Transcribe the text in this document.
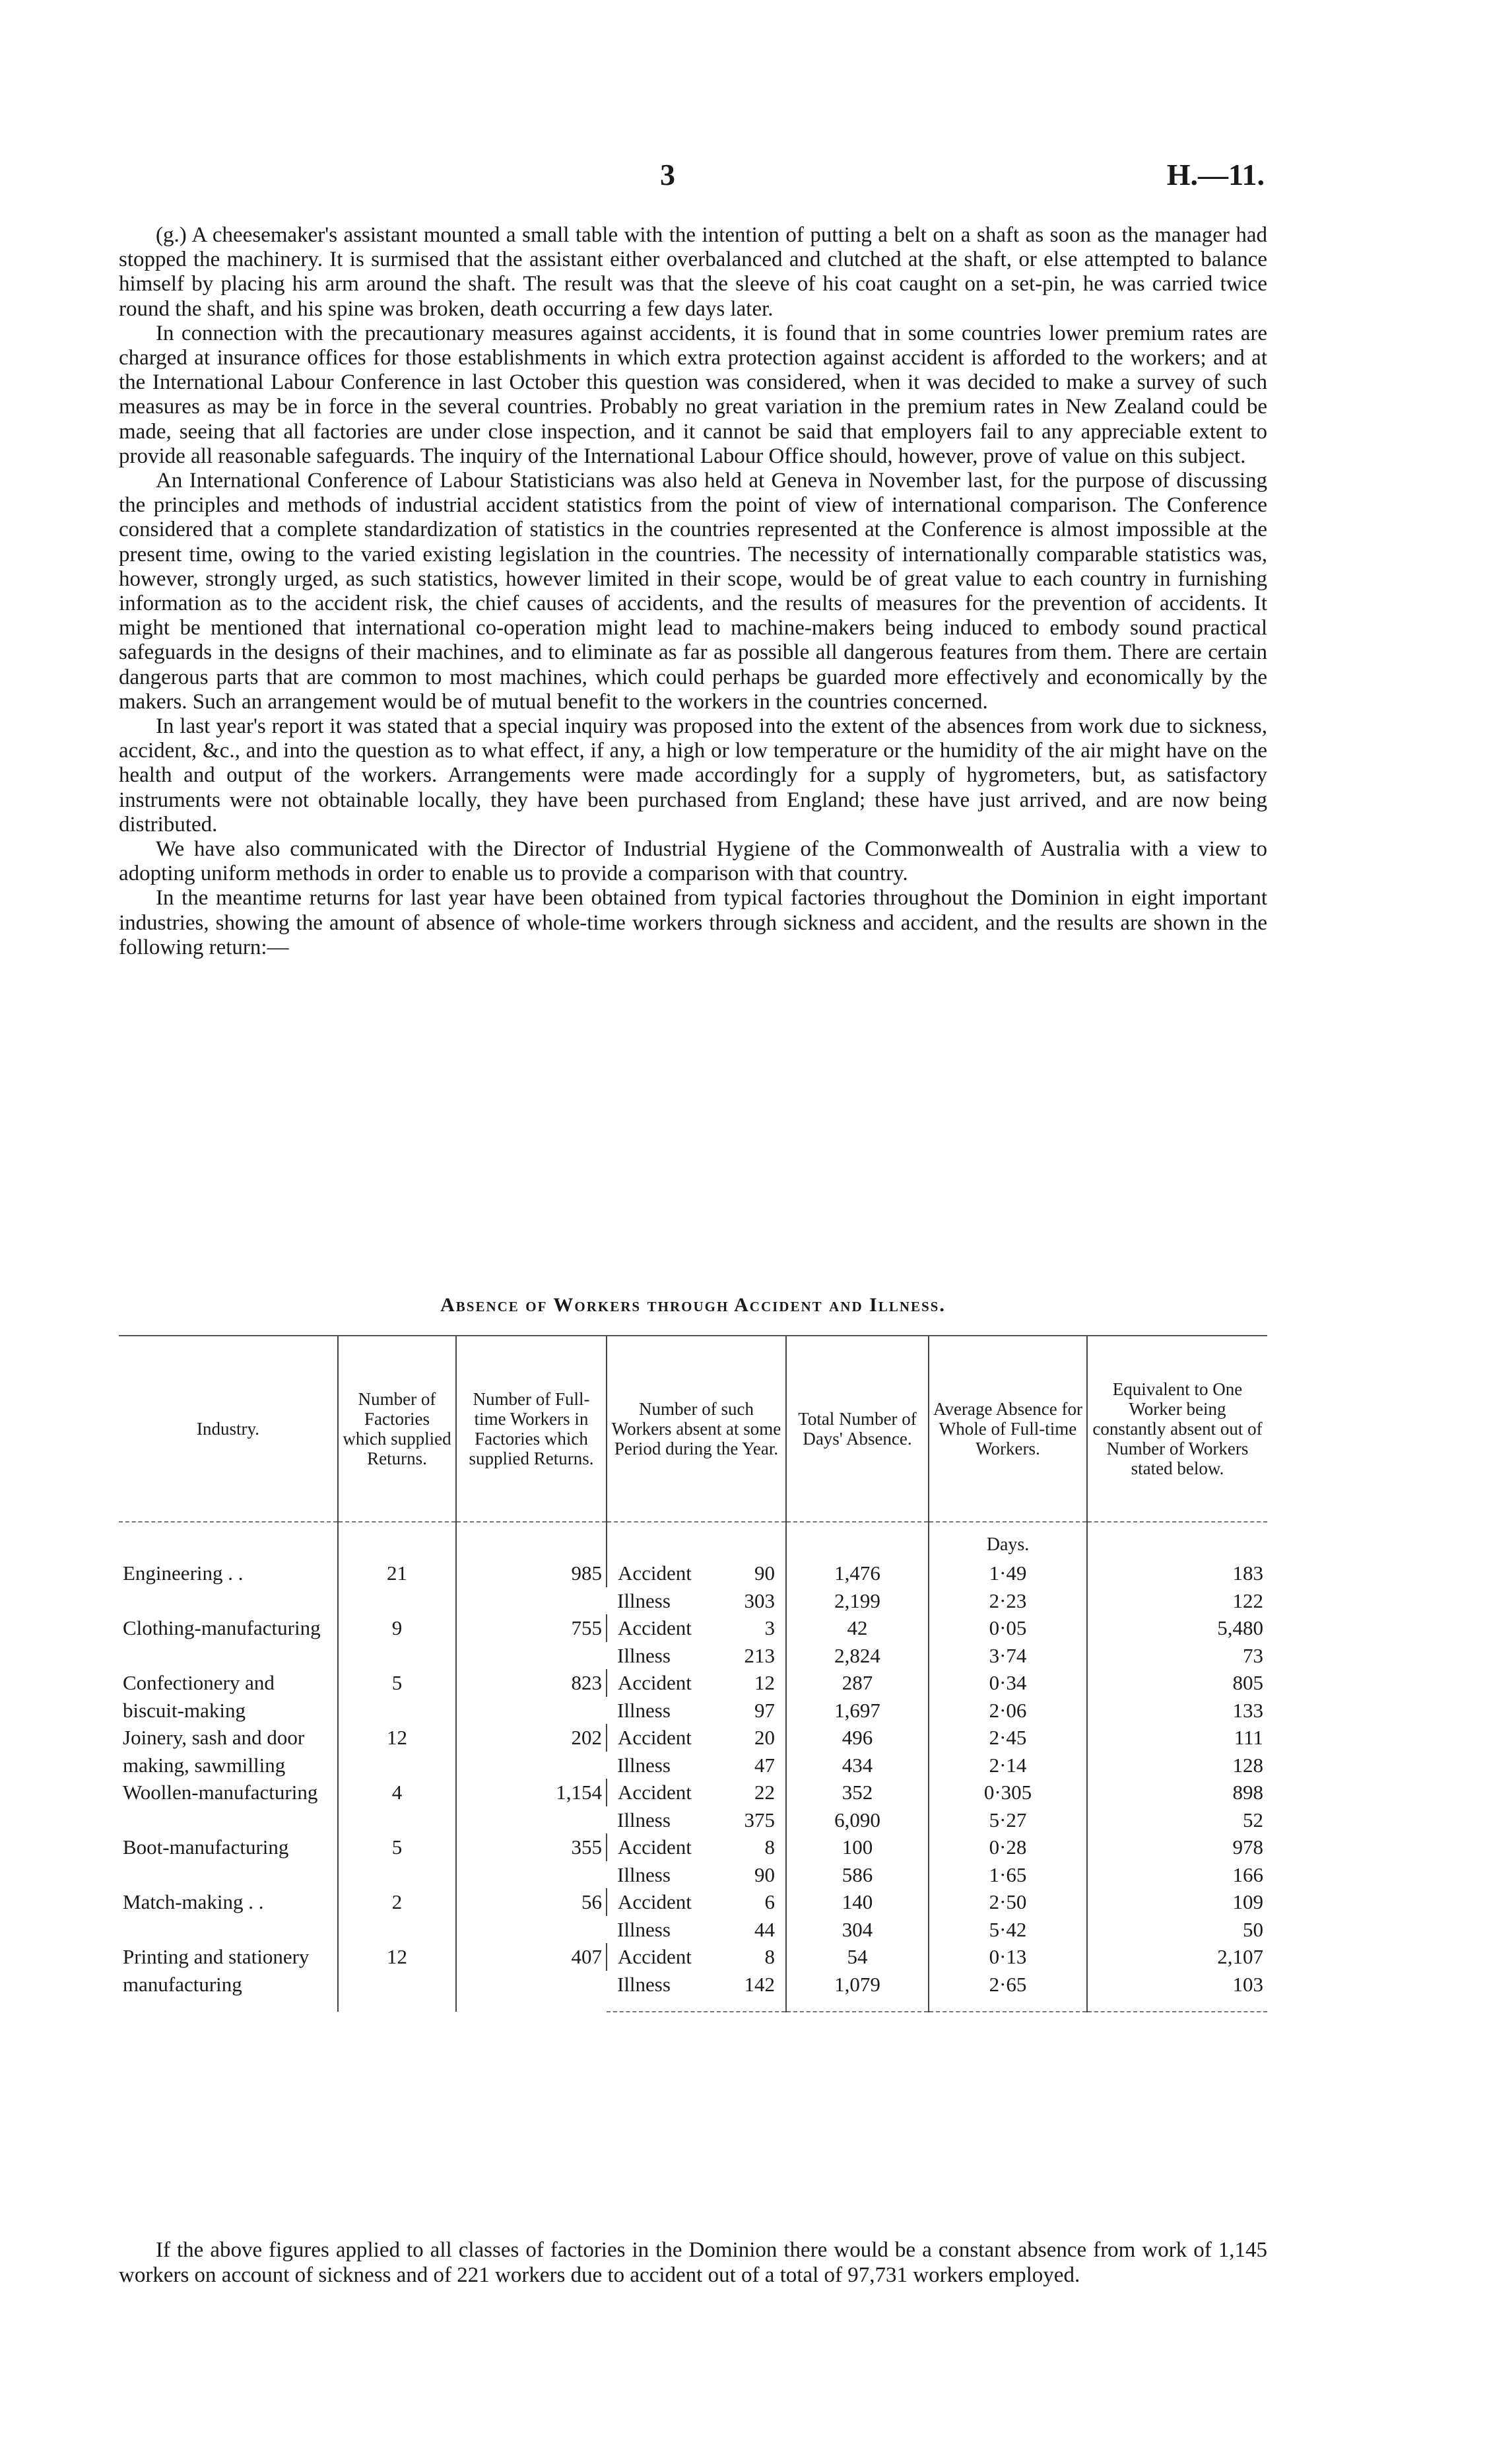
3	H.—11.

(g.) A cheesemaker's assistant mounted a small table with the intention of putting a belt on a shaft as soon as the manager had stopped the machinery. It is surmised that the assistant either overbalanced and clutched at the shaft, or else attempted to balance himself by placing his arm around the shaft. The result was that the sleeve of his coat caught on a set-pin, he was carried twice round the shaft, and his spine was broken, death occurring a few days later.

In connection with the precautionary measures against accidents, it is found that in some countries lower premium rates are charged at insurance offices for those establishments in which extra protection against accident is afforded to the workers; and at the International Labour Conference in last October this question was considered, when it was decided to make a survey of such measures as may be in force in the several countries. Probably no great variation in the premium rates in New Zealand could be made, seeing that all factories are under close inspection, and it cannot be said that employers fail to any appreciable extent to provide all reasonable safeguards. The inquiry of the International Labour Office should, however, prove of value on this subject.

An International Conference of Labour Statisticians was also held at Geneva in November last, for the purpose of discussing the principles and methods of industrial accident statistics from the point of view of international comparison. The Conference considered that a complete standardization of statistics in the countries represented at the Conference is almost impossible at the present time, owing to the varied existing legislation in the countries. The necessity of internationally comparable statistics was, however, strongly urged, as such statistics, however limited in their scope, would be of great value to each country in furnishing information as to the accident risk, the chief causes of accidents, and the results of measures for the prevention of accidents. It might be mentioned that international co-operation might lead to machine-makers being induced to embody sound practical safeguards in the designs of their machines, and to eliminate as far as possible all dangerous features from them. There are certain dangerous parts that are common to most machines, which could perhaps be guarded more effectively and economically by the makers. Such an arrangement would be of mutual benefit to the workers in the countries concerned.

In last year's report it was stated that a special inquiry was proposed into the extent of the absences from work due to sickness, accident, &c., and into the question as to what effect, if any, a high or low temperature or the humidity of the air might have on the health and output of the workers. Arrangements were made accordingly for a supply of hygrometers, but, as satisfactory instruments were not obtainable locally, they have been purchased from England; these have just arrived, and are now being distributed.

We have also communicated with the Director of Industrial Hygiene of the Commonwealth of Australia with a view to adopting uniform methods in order to enable us to provide a comparison with that country.

In the meantime returns for last year have been obtained from typical factories throughout the Dominion in eight important industries, showing the amount of absence of whole-time workers through sickness and accident, and the results are shown in the following return:—

Absence of Workers through Accident and Illness.
Industry.	Number of Factories which supplied Returns.	Number of Full-time Workers in Factories which supplied Returns.	Number of such Workers absent at some Period during the Year.	Total Number of Days' Absence.	Average Absence for Whole of Full-time Workers.	Equivalent to One Worker being constantly absent out of Number of Workers stated below.
					Days.	
Engineering . .	21	985	Accident 90	1,476	1·49	183

			Illness 303	2,199	2·23	122
Clothing-manufacturing	9	755	Accident 3	42	0·05	5,480

			Illness 213	2,824	3·74	73
Confectionery and biscuit-making	5	823	Accident 12	287	0·34	805

			Illness 97	1,697	2·06	133
Joinery, sash and door making, sawmilling	12	202	Accident 20	496	2·45	111

			Illness 47	434	2·14	128
Woollen-manufacturing	4	1,154	Accident 22	352	0·305	898

			Illness 375	6,090	5·27	52
Boot-manufacturing	5	355	Accident 8	100	0·28	978

			Illness 90	586	1·65	166
Match-making . .	2	56	Accident 6	140	2·50	109

			Illness 44	304	5·42	50
Printing and stationery manufacturing	12	407	Accident 8	54	0·13	2,107

			Illness 142	1,079	2·65	103

If the above figures applied to all classes of factories in the Dominion there would be a constant absence from work of 1,145 workers on account of sickness and of 221 workers due to accident out of a total of 97,731 workers employed.
